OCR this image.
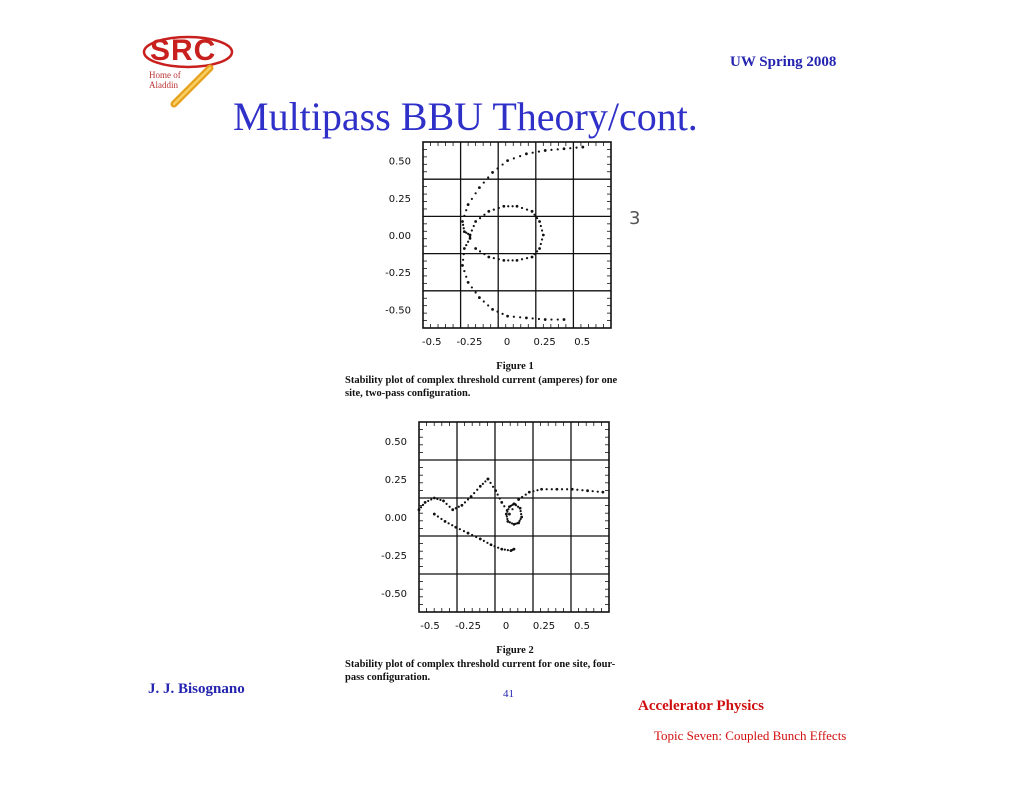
SRC
Home of
Aladdin
UW Spring 2008
Multipass BBU Theory/cont.
-0.5 -0.25 0 0.25 0.5
0.50
0.25
0.00
-0.25
-0.50
3
Figure 1
Stability plot of complex threshold current (amperes) for one
site, two-pass configuration.
-0.5 -0.25 0 0.25 0.5
0.50
0.25
0.00
-0.25
-0.50
Figure 2
Stability plot of complex threshold current for one site, four-
pass configuration.
J. J. Bisognano	41
Accelerator Physics
Topic Seven: Coupled Bunch Effects
